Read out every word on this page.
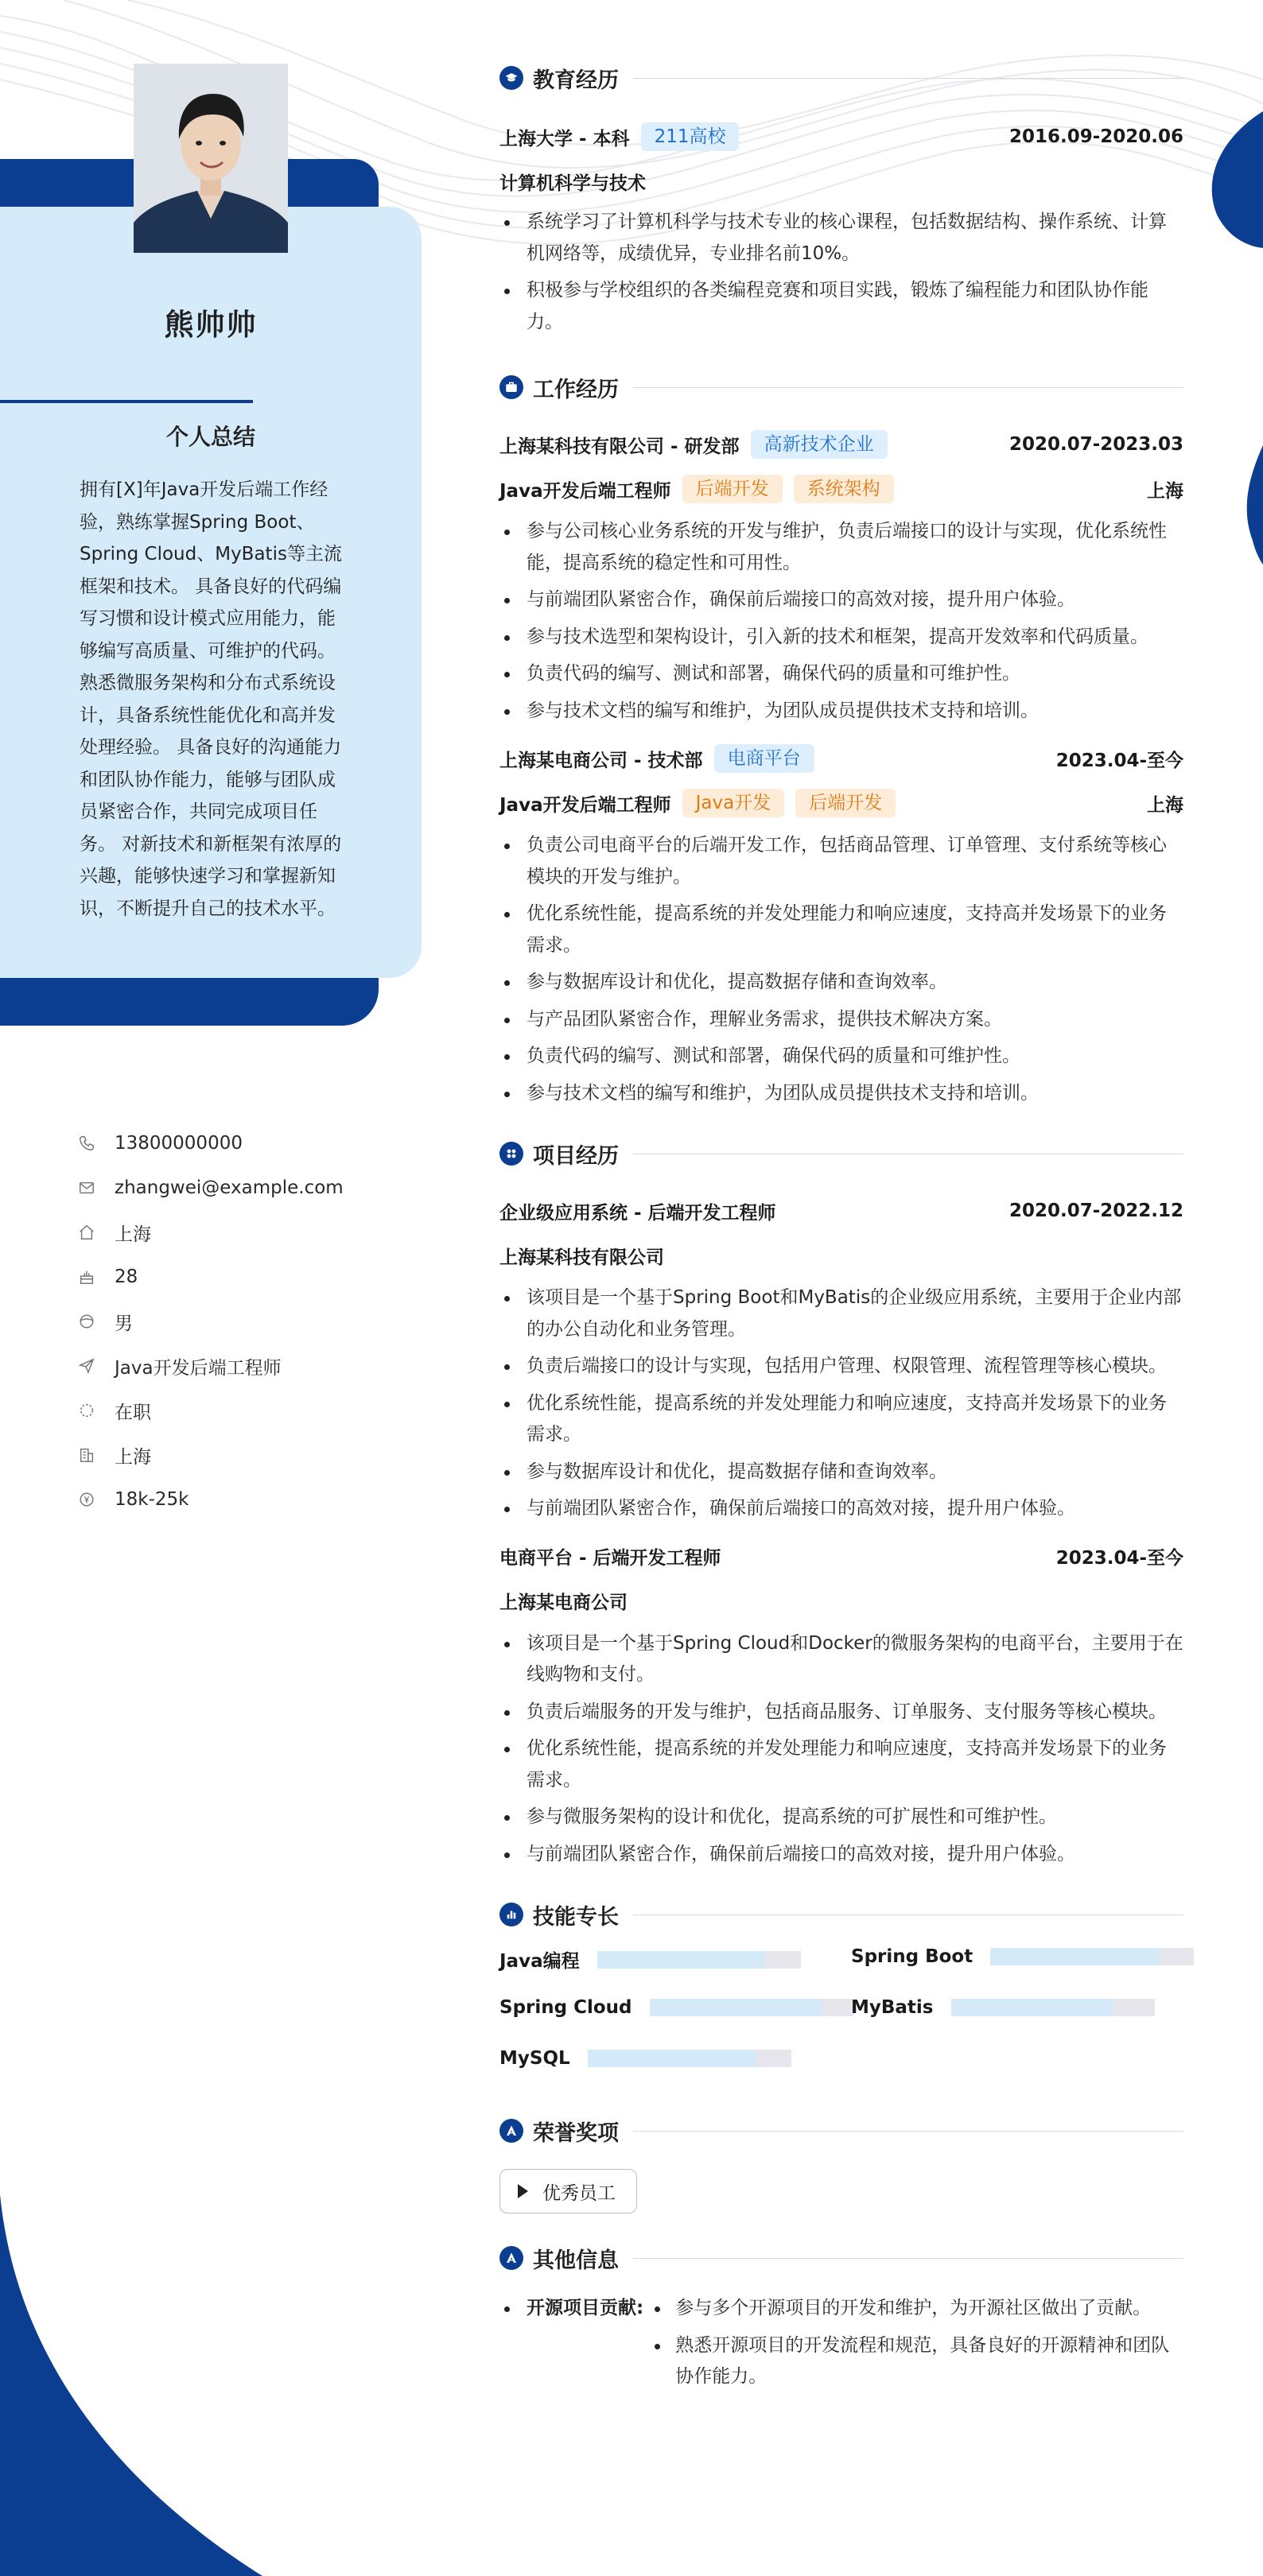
熊帅帅
个人总结
拥有[X]年Java开发后端工作经验，熟练掌握Spring Boot、Spring Cloud、MyBatis等主流框架和技术。 具备良好的代码编写习惯和设计模式应用能力，能够编写高质量、可维护的代码。 熟悉微服务架构和分布式系统设计，具备系统性能优化和高并发处理经验。 具备良好的沟通能力和团队协作能力，能够与团队成员紧密合作，共同完成项目任务。 对新技术和新框架有浓厚的兴趣，能够快速学习和掌握新知识，不断提升自己的技术水平。
13800000000
zhangwei@example.com
上海
28
男
Java开发后端工程师
在职
上海
18k-25k
教育经历
上海大学 - 本科	211高校	2016.09-2020.06
计算机科学与技术
系统学习了计算机科学与技术专业的核心课程，包括数据结构、操作系统、计算机网络等，成绩优异，专业排名前10%。
积极参与学校组织的各类编程竞赛和项目实践，锻炼了编程能力和团队协作能力。
工作经历
上海某科技有限公司 - 研发部	高新技术企业	2020.07-2023.03
Java开发后端工程师	后端开发	系统架构	上海
参与公司核心业务系统的开发与维护，负责后端接口的设计与实现，优化系统性能，提高系统的稳定性和可用性。
与前端团队紧密合作，确保前后端接口的高效对接，提升用户体验。
参与技术选型和架构设计，引入新的技术和框架，提高开发效率和代码质量。
负责代码的编写、测试和部署，确保代码的质量和可维护性。
参与技术文档的编写和维护，为团队成员提供技术支持和培训。
上海某电商公司 - 技术部	电商平台	2023.04-至今
Java开发后端工程师	Java开发	后端开发	上海
负责公司电商平台的后端开发工作，包括商品管理、订单管理、支付系统等核心模块的开发与维护。
优化系统性能，提高系统的并发处理能力和响应速度，支持高并发场景下的业务需求。
参与数据库设计和优化，提高数据存储和查询效率。
与产品团队紧密合作，理解业务需求，提供技术解决方案。
负责代码的编写、测试和部署，确保代码的质量和可维护性。
参与技术文档的编写和维护，为团队成员提供技术支持和培训。
项目经历
企业级应用系统 - 后端开发工程师	2020.07-2022.12
上海某科技有限公司
该项目是一个基于Spring Boot和MyBatis的企业级应用系统，主要用于企业内部的办公自动化和业务管理。
负责后端接口的设计与实现，包括用户管理、权限管理、流程管理等核心模块。
优化系统性能，提高系统的并发处理能力和响应速度，支持高并发场景下的业务需求。
参与数据库设计和优化，提高数据存储和查询效率。
与前端团队紧密合作，确保前后端接口的高效对接，提升用户体验。
电商平台 - 后端开发工程师	2023.04-至今
上海某电商公司
该项目是一个基于Spring Cloud和Docker的微服务架构的电商平台，主要用于在线购物和支付。
负责后端服务的开发与维护，包括商品服务、订单服务、支付服务等核心模块。
优化系统性能，提高系统的并发处理能力和响应速度，支持高并发场景下的业务需求。
参与微服务架构的设计和优化，提高系统的可扩展性和可维护性。
与前端团队紧密合作，确保前后端接口的高效对接，提升用户体验。
技能专长
Java编程	Spring Boot
Spring Cloud	MyBatis
MySQL
荣誉奖项
优秀员工
其他信息
开源项目贡献:	参与多个开源项目的开发和维护，为开源社区做出了贡献。
熟悉开源项目的开发流程和规范，具备良好的开源精神和团队协作能力。
